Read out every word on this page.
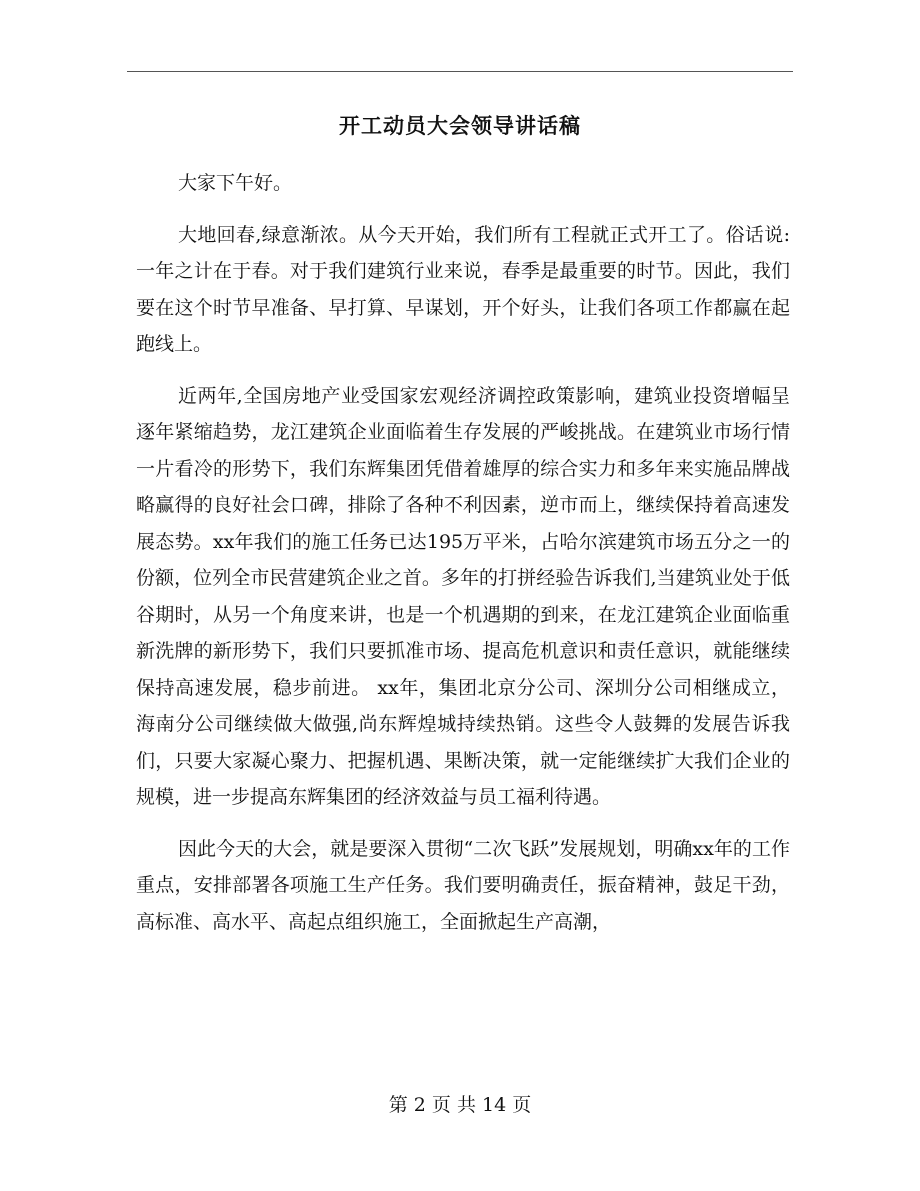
开工动员大会领导讲话稿

大家下午好。

大地回春,绿意渐浓。从今天开始，我们所有工程就正式开工了。俗话说:一年之计在于春。对于我们建筑行业来说，春季是最重要的时节。因此，我们要在这个时节早准备、早打算、早谋划，开个好头，让我们各项工作都赢在起跑线上。

近两年,全国房地产业受国家宏观经济调控政策影响，建筑业投资增幅呈逐年紧缩趋势，龙江建筑企业面临着生存发展的严峻挑战。在建筑业市场行情一片看冷的形势下，我们东辉集团凭借着雄厚的综合实力和多年来实施品牌战略赢得的良好社会口碑，排除了各种不利因素，逆市而上，继续保持着高速发展态势。xx年我们的施工任务已达195万平米，占哈尔滨建筑市场五分之一的份额，位列全市民营建筑企业之首。多年的打拼经验告诉我们,当建筑业处于低谷期时，从另一个角度来讲，也是一个机遇期的到来，在龙江建筑企业面临重新洗牌的新形势下，我们只要抓准市场、提高危机意识和责任意识，就能继续保持高速发展，稳步前进。 xx年，集团北京分公司、深圳分公司相继成立，海南分公司继续做大做强,尚东辉煌城持续热销。这些令人鼓舞的发展告诉我们，只要大家凝心聚力、把握机遇、果断决策，就一定能继续扩大我们企业的规模，进一步提高东辉集团的经济效益与员工福利待遇。

因此今天的大会，就是要深入贯彻“二次飞跃”发展规划，明确xx年的工作重点，安排部署各项施工生产任务。我们要明确责任，振奋精神，鼓足干劲，高标准、高水平、高起点组织施工，全面掀起生产高潮，

第 2 页 共 14 页
